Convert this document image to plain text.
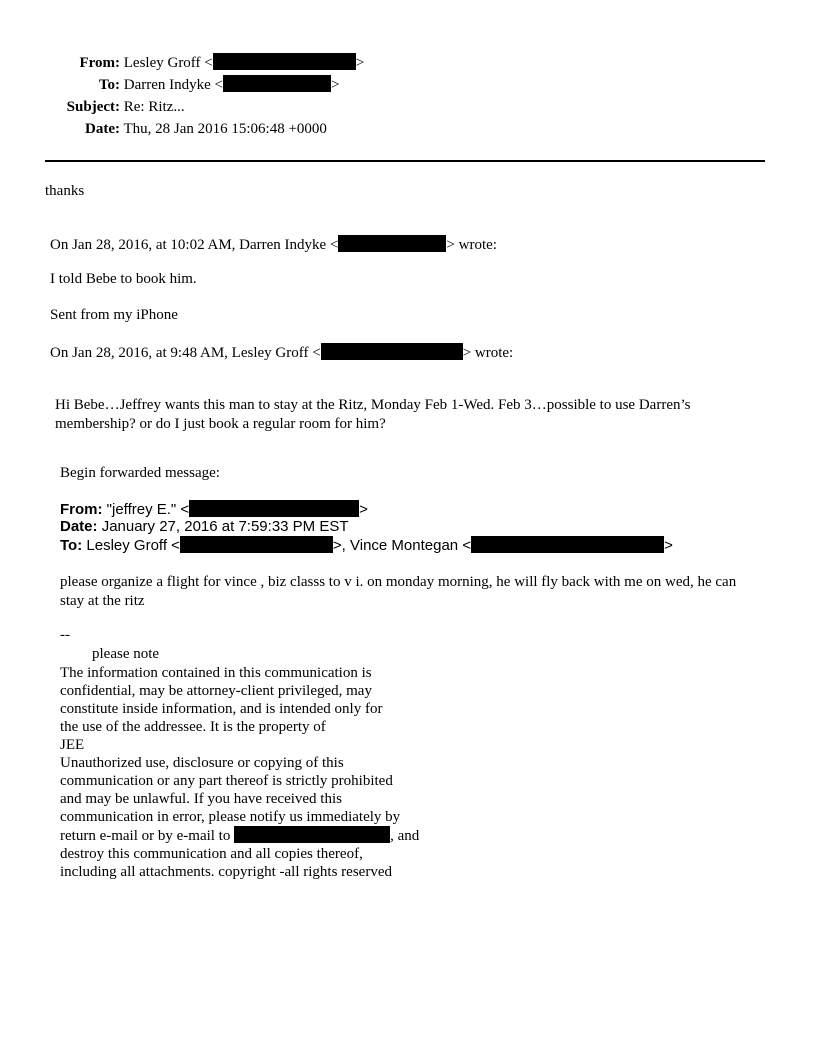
From: Lesley Groff <	>
To: Darren Indyke <	>
Subject: Re: Ritz...
Date: Thu, 28 Jan 2016 15:06:48 +0000
thanks
On Jan 28, 2016, at 10:02 AM, Darren Indyke <	> wrote:
I told Bebe to book him.
Sent from my iPhone
On Jan 28, 2016, at 9:48 AM, Lesley Groff <	> wrote:
Hi Bebe…Jeffrey wants this man to stay at the Ritz, Monday Feb 1-Wed. Feb 3…possible to use Darren’s membership? or do I just book a regular room for him?
Begin forwarded message:
From: "jeffrey E." <	>
Date: January 27, 2016 at 7:59:33 PM EST
To: Lesley Groff <	>, Vince Montegan <	>
please organize a flight for vince , biz classs to v i. on monday morning, he will fly back with me on wed, he can stay at the ritz
--
please note
The information contained in this communication is
confidential, may be attorney-client privileged, may
constitute inside information, and is intended only for
the use of the addressee. It is the property of
JEE
Unauthorized use, disclosure or copying of this
communication or any part thereof is strictly prohibited
and may be unlawful. If you have received this
communication in error, please notify us immediately by
return e-mail or by e-mail to	, and
destroy this communication and all copies thereof,
including all attachments. copyright -all rights reserved
